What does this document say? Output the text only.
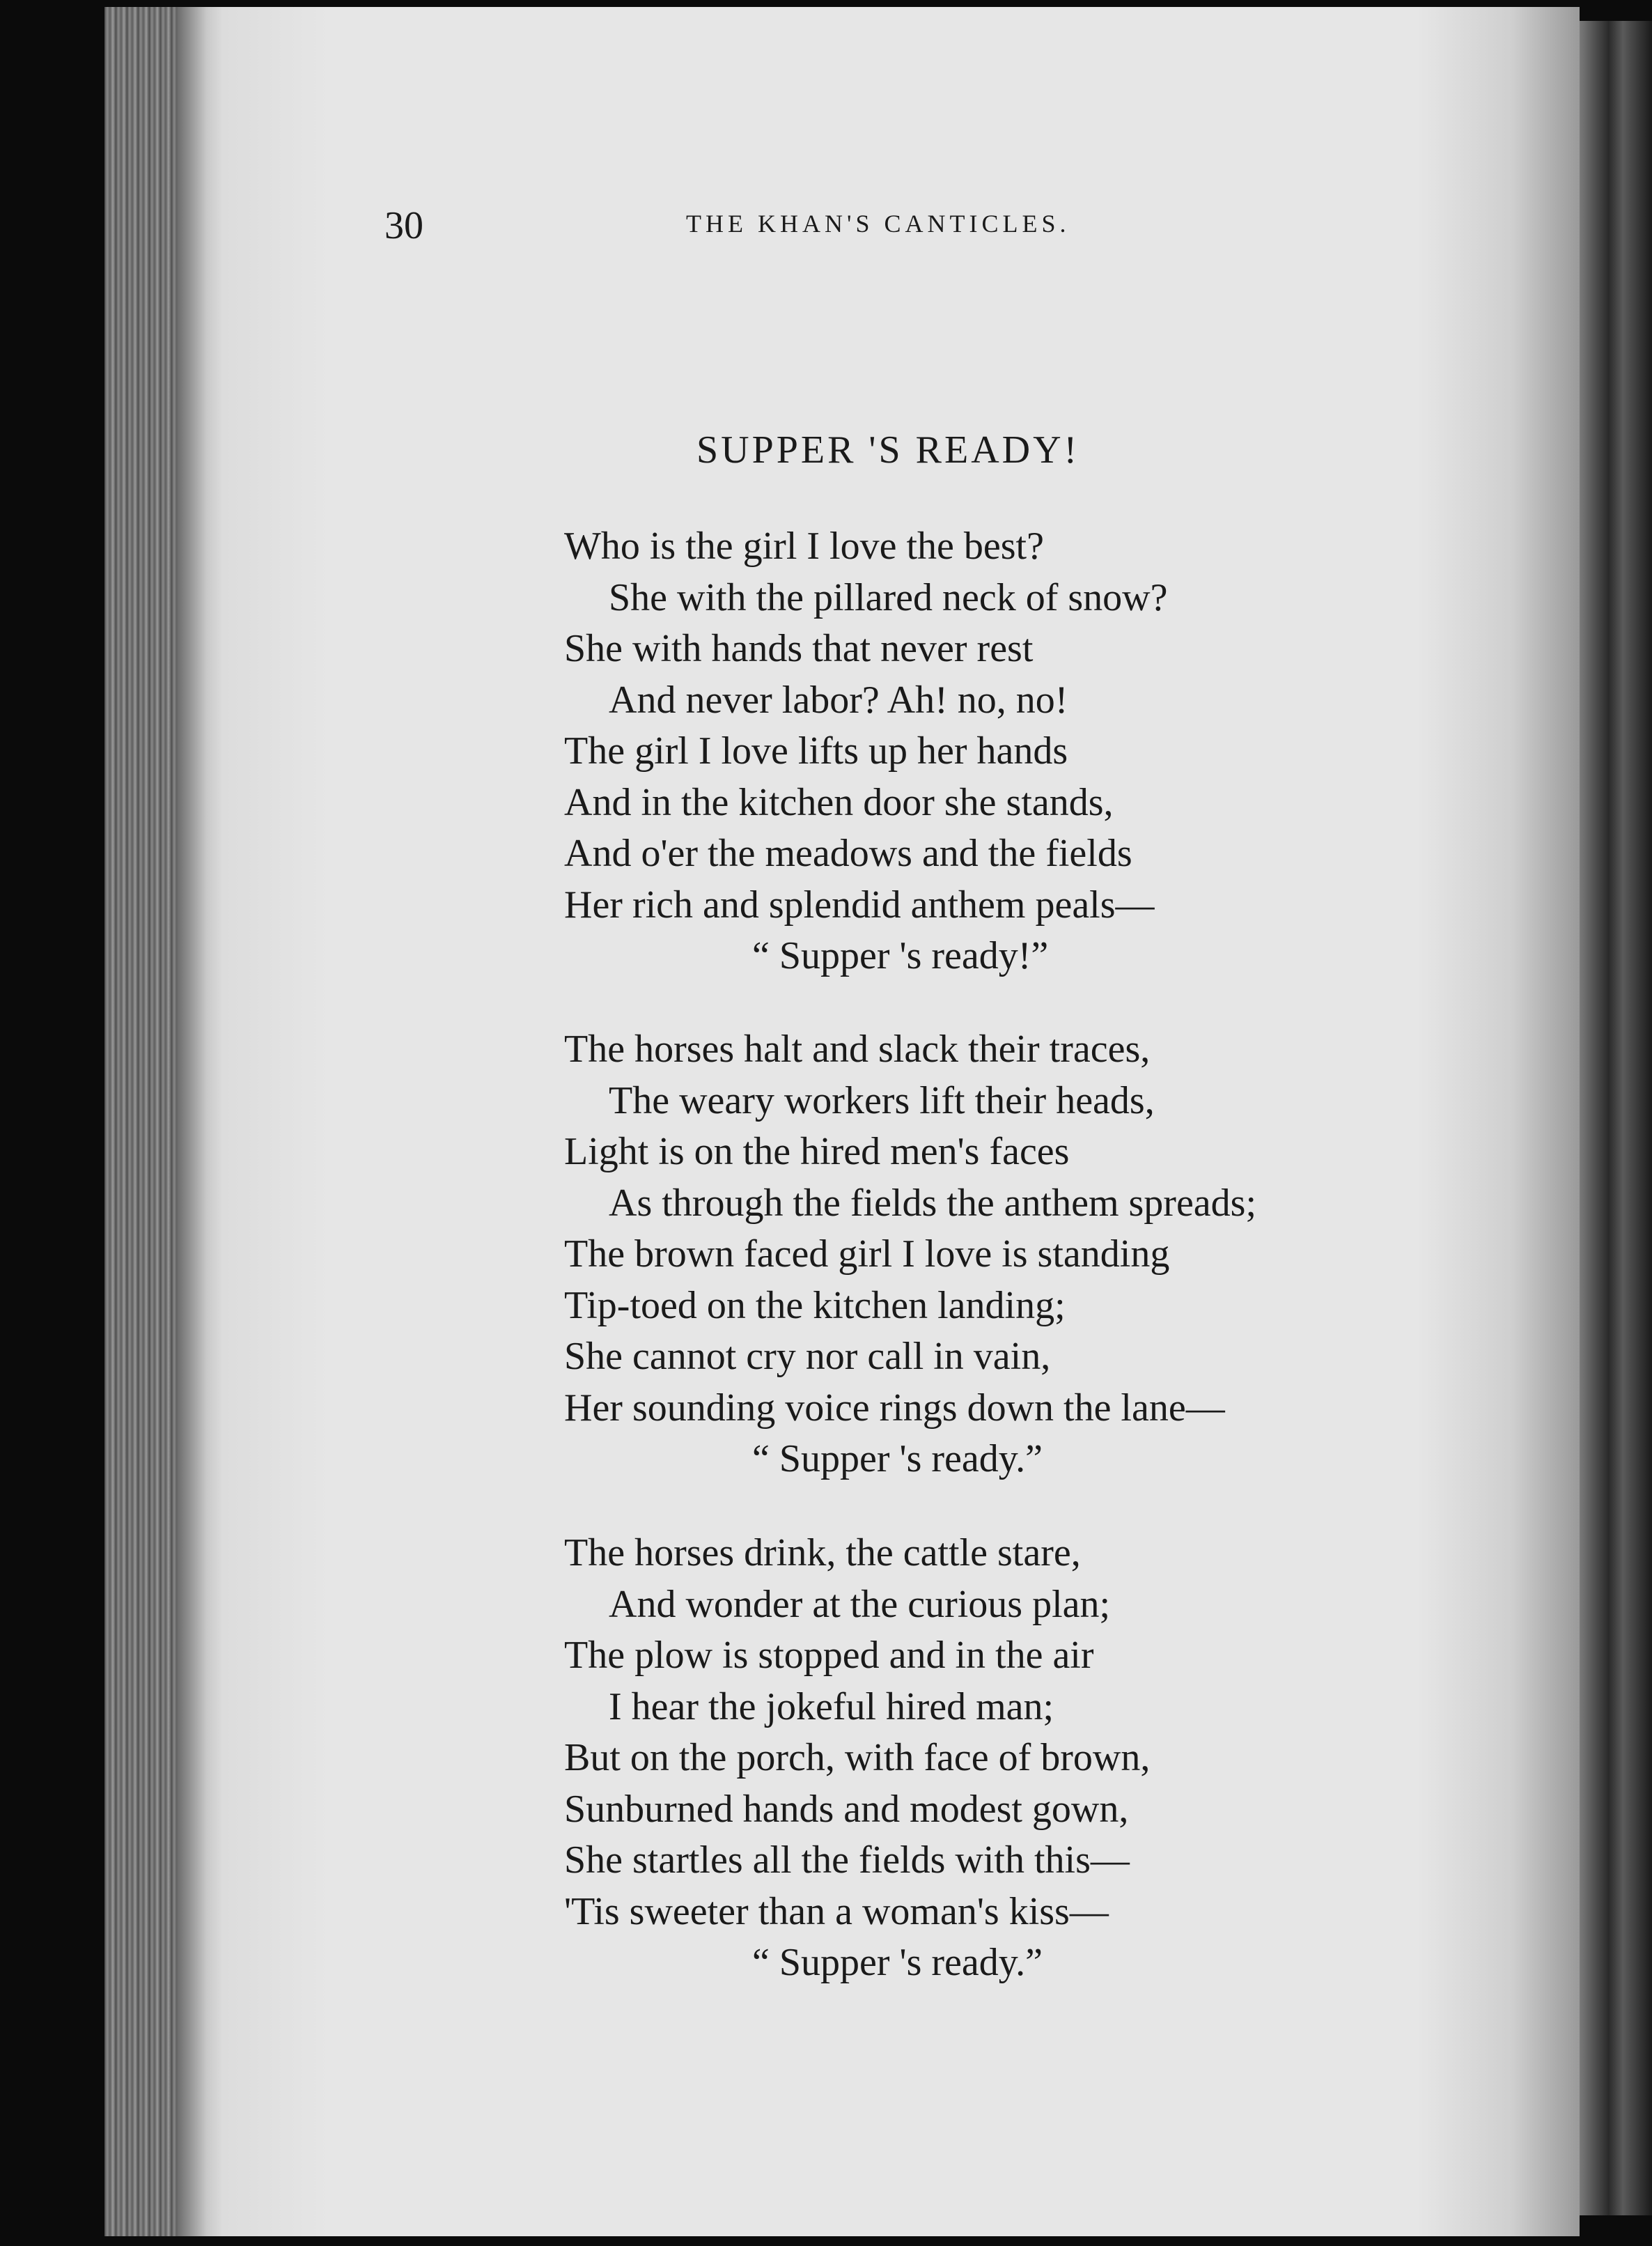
30	THE KHAN'S CANTICLES.
SUPPER 'S READY!
Who is the girl I love the best?
She with the pillared neck of snow?
She with hands that never rest
And never labor? Ah! no, no!
The girl I love lifts up her hands
And in the kitchen door she stands,
And o'er the meadows and the fields
Her rich and splendid anthem peals—
“ Supper 's ready!”
The horses halt and slack their traces,
The weary workers lift their heads,
Light is on the hired men's faces
As through the fields the anthem spreads;
The brown faced girl I love is standing
Tip-toed on the kitchen landing;
She cannot cry nor call in vain,
Her sounding voice rings down the lane—
“ Supper 's ready.”
The horses drink, the cattle stare,
And wonder at the curious plan;
The plow is stopped and in the air
I hear the jokeful hired man;
But on the porch, with face of brown,
Sunburned hands and modest gown,
She startles all the fields with this—
'Tis sweeter than a woman's kiss—
“ Supper 's ready.”
